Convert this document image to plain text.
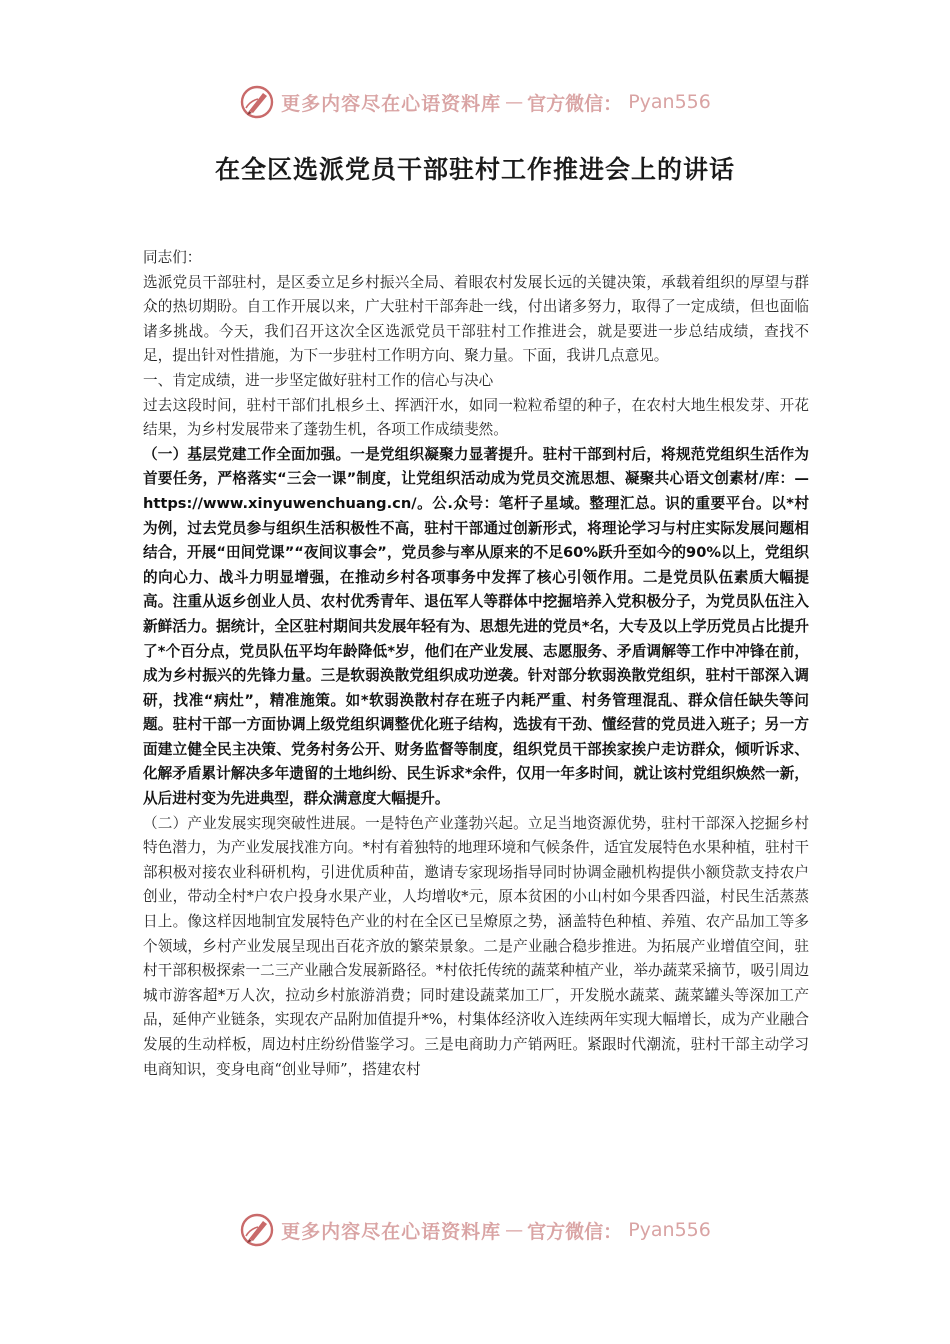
更多内容尽在心语资料库 — 官方微信： Pyan556
在全区选派党员干部驻村工作推进会上的讲话

同志们：

选派党员干部驻村，是区委立足乡村振兴全局、着眼农村发展长远的关键决策，承载着组织的厚望与群众的热切期盼。自工作开展以来，广大驻村干部奔赴一线，付出诸多努力，取得了一定成绩，但也面临诸多挑战。今天，我们召开这次全区选派党员干部驻村工作推进会，就是要进一步总结成绩，查找不足，提出针对性措施，为下一步驻村工作明方向、聚力量。下面，我讲几点意见。

一、肯定成绩，进一步坚定做好驻村工作的信心与决心

过去这段时间，驻村干部们扎根乡土、挥洒汗水，如同一粒粒希望的种子，在农村大地生根发芽、开花结果，为乡村发展带来了蓬勃生机，各项工作成绩斐然。

（一）基层党建工作全面加强。一是党组织凝聚力显著提升。驻村干部到村后，将规范党组织生活作为首要任务，严格落实“三会一课”制度，让党组织活动成为党员交流思想、凝聚共心语文创素材/库：—https://www.xinyuwenchuang.cn/。公.众号：笔杆子星域。整理汇总。识的重要平台。以*村为例，过去党员参与组织生活积极性不高，驻村干部通过创新形式，将理论学习与村庄实际发展问题相结合，开展“田间党课”“夜间议事会”，党员参与率从原来的不足60%跃升至如今的90%以上，党组织的向心力、战斗力明显增强，在推动乡村各项事务中发挥了核心引领作用。二是党员队伍素质大幅提高。注重从返乡创业人员、农村优秀青年、退伍军人等群体中挖掘培养入党积极分子，为党员队伍注入新鲜活力。据统计，全区驻村期间共发展年轻有为、思想先进的党员*名，大专及以上学历党员占比提升了*个百分点，党员队伍平均年龄降低*岁，他们在产业发展、志愿服务、矛盾调解等工作中冲锋在前，成为乡村振兴的先锋力量。三是软弱涣散党组织成功逆袭。针对部分软弱涣散党组织，驻村干部深入调研，找准“病灶”，精准施策。如*软弱涣散村存在班子内耗严重、村务管理混乱、群众信任缺失等问题。驻村干部一方面协调上级党组织调整优化班子结构，选拔有干劲、懂经营的党员进入班子；另一方面建立健全民主决策、党务村务公开、财务监督等制度，组织党员干部挨家挨户走访群众，倾听诉求、化解矛盾累计解决多年遗留的土地纠纷、民生诉求*余件，仅用一年多时间，就让该村党组织焕然一新，从后进村变为先进典型，群众满意度大幅提升。

（二）产业发展实现突破性进展。一是特色产业蓬勃兴起。立足当地资源优势，驻村干部深入挖掘乡村特色潜力，为产业发展找准方向。*村有着独特的地理环境和气候条件，适宜发展特色水果种植，驻村干部积极对接农业科研机构，引进优质种苗，邀请专家现场指导同时协调金融机构提供小额贷款支持农户创业，带动全村*户农户投身水果产业，人均增收*元，原本贫困的小山村如今果香四溢，村民生活蒸蒸日上。像这样因地制宜发展特色产业的村在全区已呈燎原之势，涵盖特色种植、养殖、农产品加工等多个领域，乡村产业发展呈现出百花齐放的繁荣景象。二是产业融合稳步推进。为拓展产业增值空间，驻村干部积极探索一二三产业融合发展新路径。*村依托传统的蔬菜种植产业，举办蔬菜采摘节，吸引周边城市游客超*万人次，拉动乡村旅游消费；同时建设蔬菜加工厂，开发脱水蔬菜、蔬菜罐头等深加工产品，延伸产业链条，实现农产品附加值提升*%，村集体经济收入连续两年实现大幅增长，成为产业融合发展的生动样板，周边村庄纷纷借鉴学习。三是电商助力产销两旺。紧跟时代潮流，驻村干部主动学习电商知识，变身电商“创业导师”，搭建农村

更多内容尽在心语资料库 — 官方微信： Pyan556
